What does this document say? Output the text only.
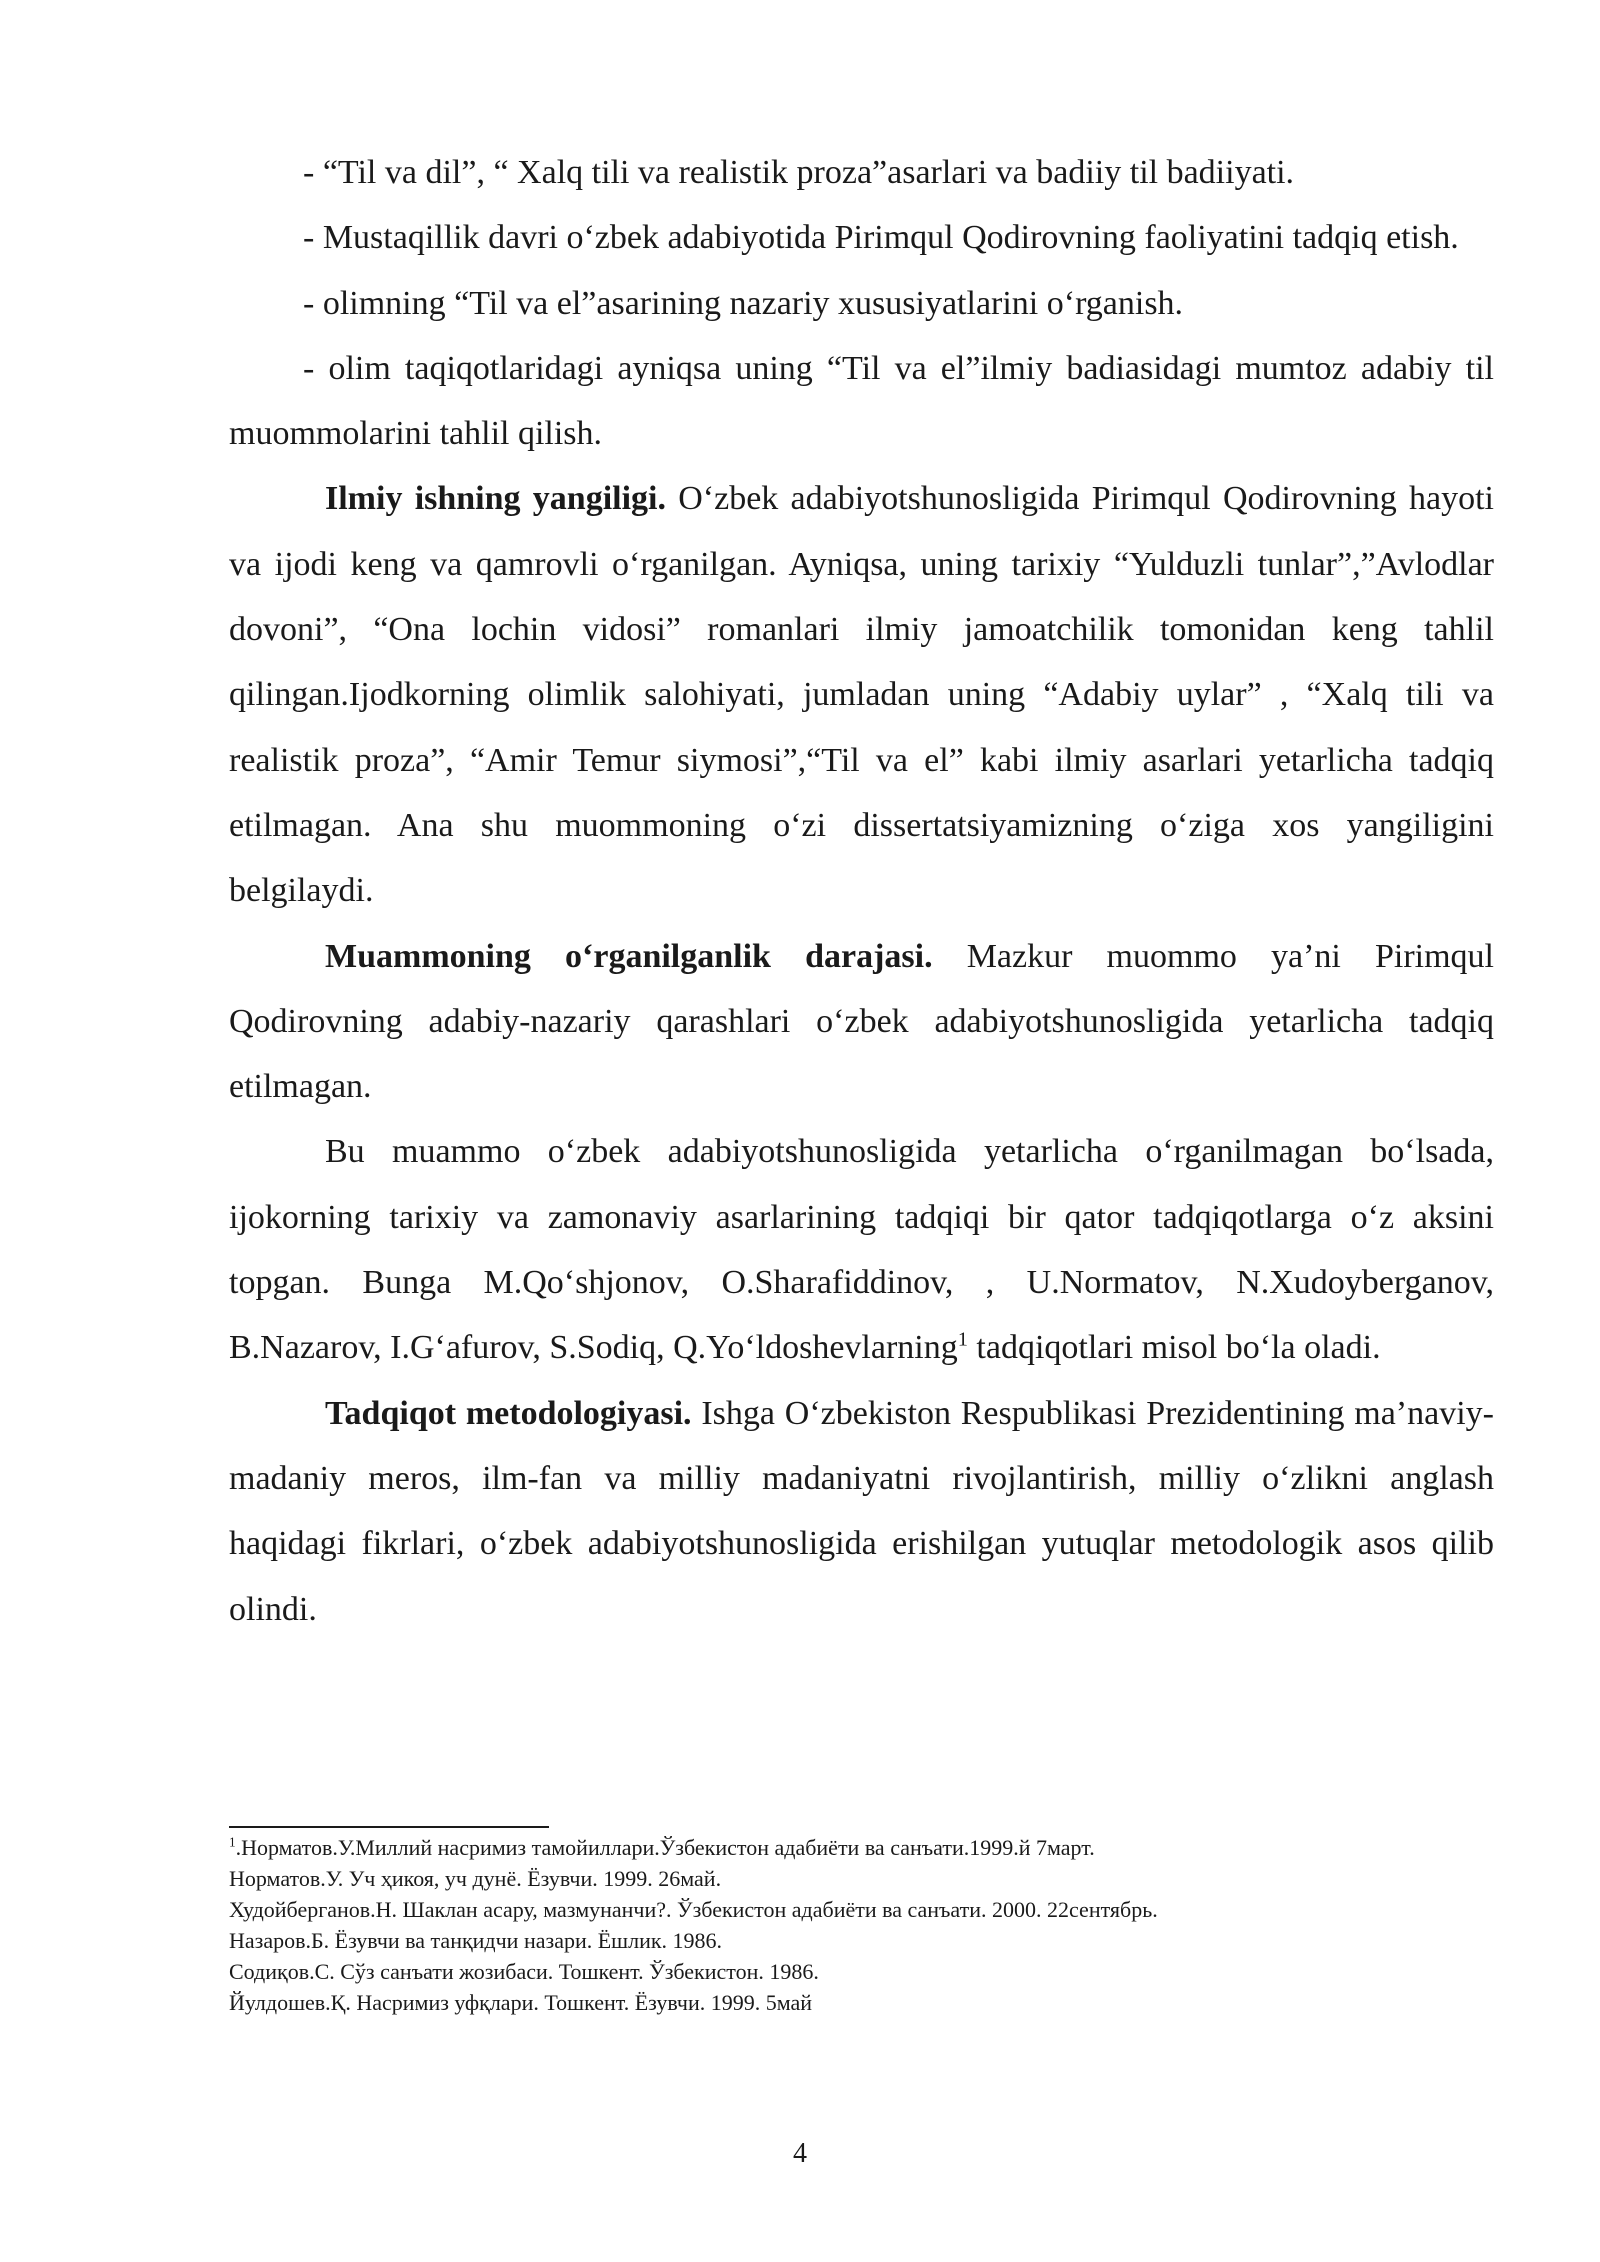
- “Til va dil”, “ Xalq tili va realistik proza”asarlari va badiiy til badiiyati.

- Mustaqillik davri o‘zbek adabiyotida Pirimqul Qodirovning faoliyatini tadqiq etish.

- olimning “Til va el”asarining nazariy xususiyatlarini o‘rganish.

- olim taqiqotlaridagi ayniqsa uning “Til va el”ilmiy badiasidagi mumtoz adabiy til muommolarini tahlil qilish.

Ilmiy ishning yangiligi. O‘zbek adabiyotshunosligida Pirimqul Qodirovning hayoti va ijodi keng va qamrovli o‘rganilgan. Ayniqsa, uning tarixiy “Yulduzli tunlar”,”Avlodlar dovoni”, “Ona lochin vidosi” romanlari ilmiy jamoatchilik tomonidan keng tahlil qilingan.Ijodkorning olimlik salohiyati, jumladan uning “Adabiy uylar” , “Xalq tili va realistik proza”, “Amir Temur siymosi”,“Til va el” kabi ilmiy asarlari yetarlicha tadqiq etilmagan. Ana shu muommoning o‘zi dissertatsiyamizning o‘ziga xos yangiligini belgilaydi.

Muammoning o‘rganilganlik darajasi. Mazkur muommo ya’ni Pirimqul Qodirovning adabiy-nazariy qarashlari o‘zbek adabiyotshunosligida yetarlicha tadqiq etilmagan.

Bu muammo o‘zbek adabiyotshunosligida yetarlicha o‘rganilmagan bo‘lsada, ijokorning tarixiy va zamonaviy asarlarining tadqiqi bir qator tadqiqotlarga o‘z aksini topgan. Bunga M.Qo‘shjonov, O.Sharafiddinov, , U.Normatov, N.Xudoyberganov, B.Nazarov, I.G‘afurov, S.Sodiq, Q.Yo‘ldoshevlarning$^1$ tadqiqotlari misol bo‘la oladi.

Tadqiqot metodologiyasi. Ishga O‘zbekiston Respublikasi Prezidentining ma’naviy-madaniy meros, ilm-fan va milliy madaniyatni rivojlantirish, milliy o‘zlikni anglash haqidagi fikrlari, o‘zbek adabiyotshunosligida erishilgan yutuqlar metodologik asos qilib olindi.

$^1$.Норматов.У.Миллий насримиз тамойиллари.Ўзбекистон адабиёти ва санъати.1999.й 7март.
Норматов.У. Уч ҳикоя, уч дунё. Ёзувчи. 1999. 26май.
Худойберганов.Н. Шаклан асару, мазмунанчи?. Ўзбекистон адабиёти ва санъати. 2000. 22сентябрь.
Назаров.Б. Ёзувчи ва танқидчи назари. Ёшлик. 1986.
Содиқов.С. Сўз санъати жозибаси. Тошкент. Ўзбекистон. 1986.
Йулдошев.Қ. Насримиз уфқлари. Тошкент. Ёзувчи. 1999. 5май
4
